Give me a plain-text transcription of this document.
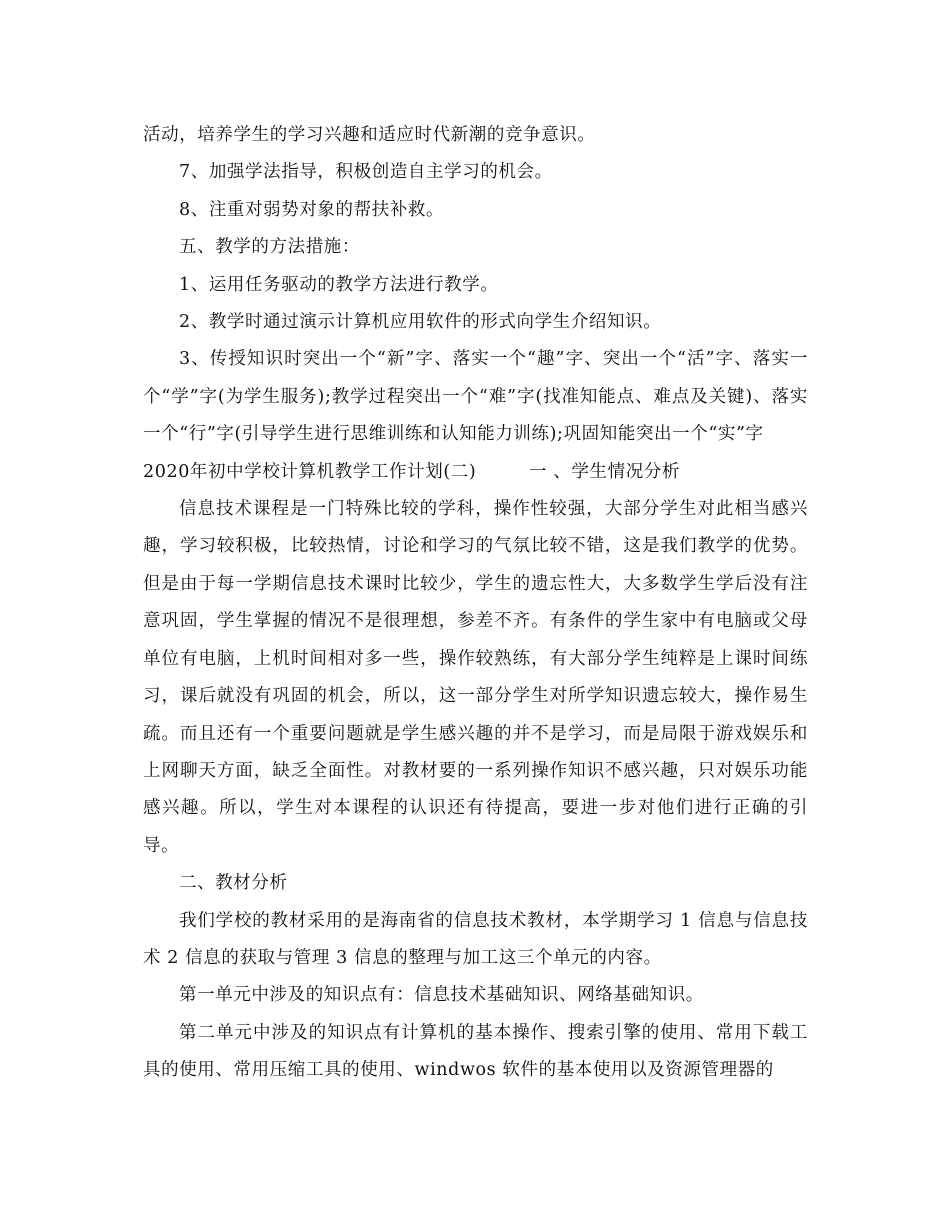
活动，培养学生的学习兴趣和适应时代新潮的竞争意识。

7、加强学法指导，积极创造自主学习的机会。

8、注重对弱势对象的帮扶补救。

五、教学的方法措施：

1、运用任务驱动的教学方法进行教学。

2、教学时通过演示计算机应用软件的形式向学生介绍知识。

3、传授知识时突出一个“新”字、落实一个“趣”字、突出一个“活”字、落实一个“学”字(为学生服务);教学过程突出一个“难”字(找准知能点、难点及关键)、落实一个“行”字(引导学生进行思维训练和认知能力训练);巩固知能突出一个“实”字

2020年初中学校计算机教学工作计划(二)	一 、学生情况分析

信息技术课程是一门特殊比较的学科，操作性较强，大部分学生对此相当感兴趣，学习较积极，比较热情，讨论和学习的气氛比较不错，这是我们教学的优势。但是由于每一学期信息技术课时比较少，学生的遗忘性大，大多数学生学后没有注意巩固，学生掌握的情况不是很理想，参差不齐。有条件的学生家中有电脑或父母单位有电脑，上机时间相对多一些，操作较熟练，有大部分学生纯粹是上课时间练习，课后就没有巩固的机会，所以，这一部分学生对所学知识遗忘较大，操作易生疏。而且还有一个重要问题就是学生感兴趣的并不是学习，而是局限于游戏娱乐和上网聊天方面，缺乏全面性。对教材要的一系列操作知识不感兴趣，只对娱乐功能感兴趣。所以，学生对本课程的认识还有待提高，要进一步对他们进行正确的引导。

二、教材分析

我们学校的教材采用的是海南省的信息技术教材，本学期学习 1 信息与信息技术 2 信息的获取与管理 3 信息的整理与加工这三个单元的内容。

第一单元中涉及的知识点有：信息技术基础知识、网络基础知识。

第二单元中涉及的知识点有计算机的基本操作、搜索引擎的使用、常用下载工具的使用、常用压缩工具的使用、windwos 软件的基本使用以及资源管理器的
